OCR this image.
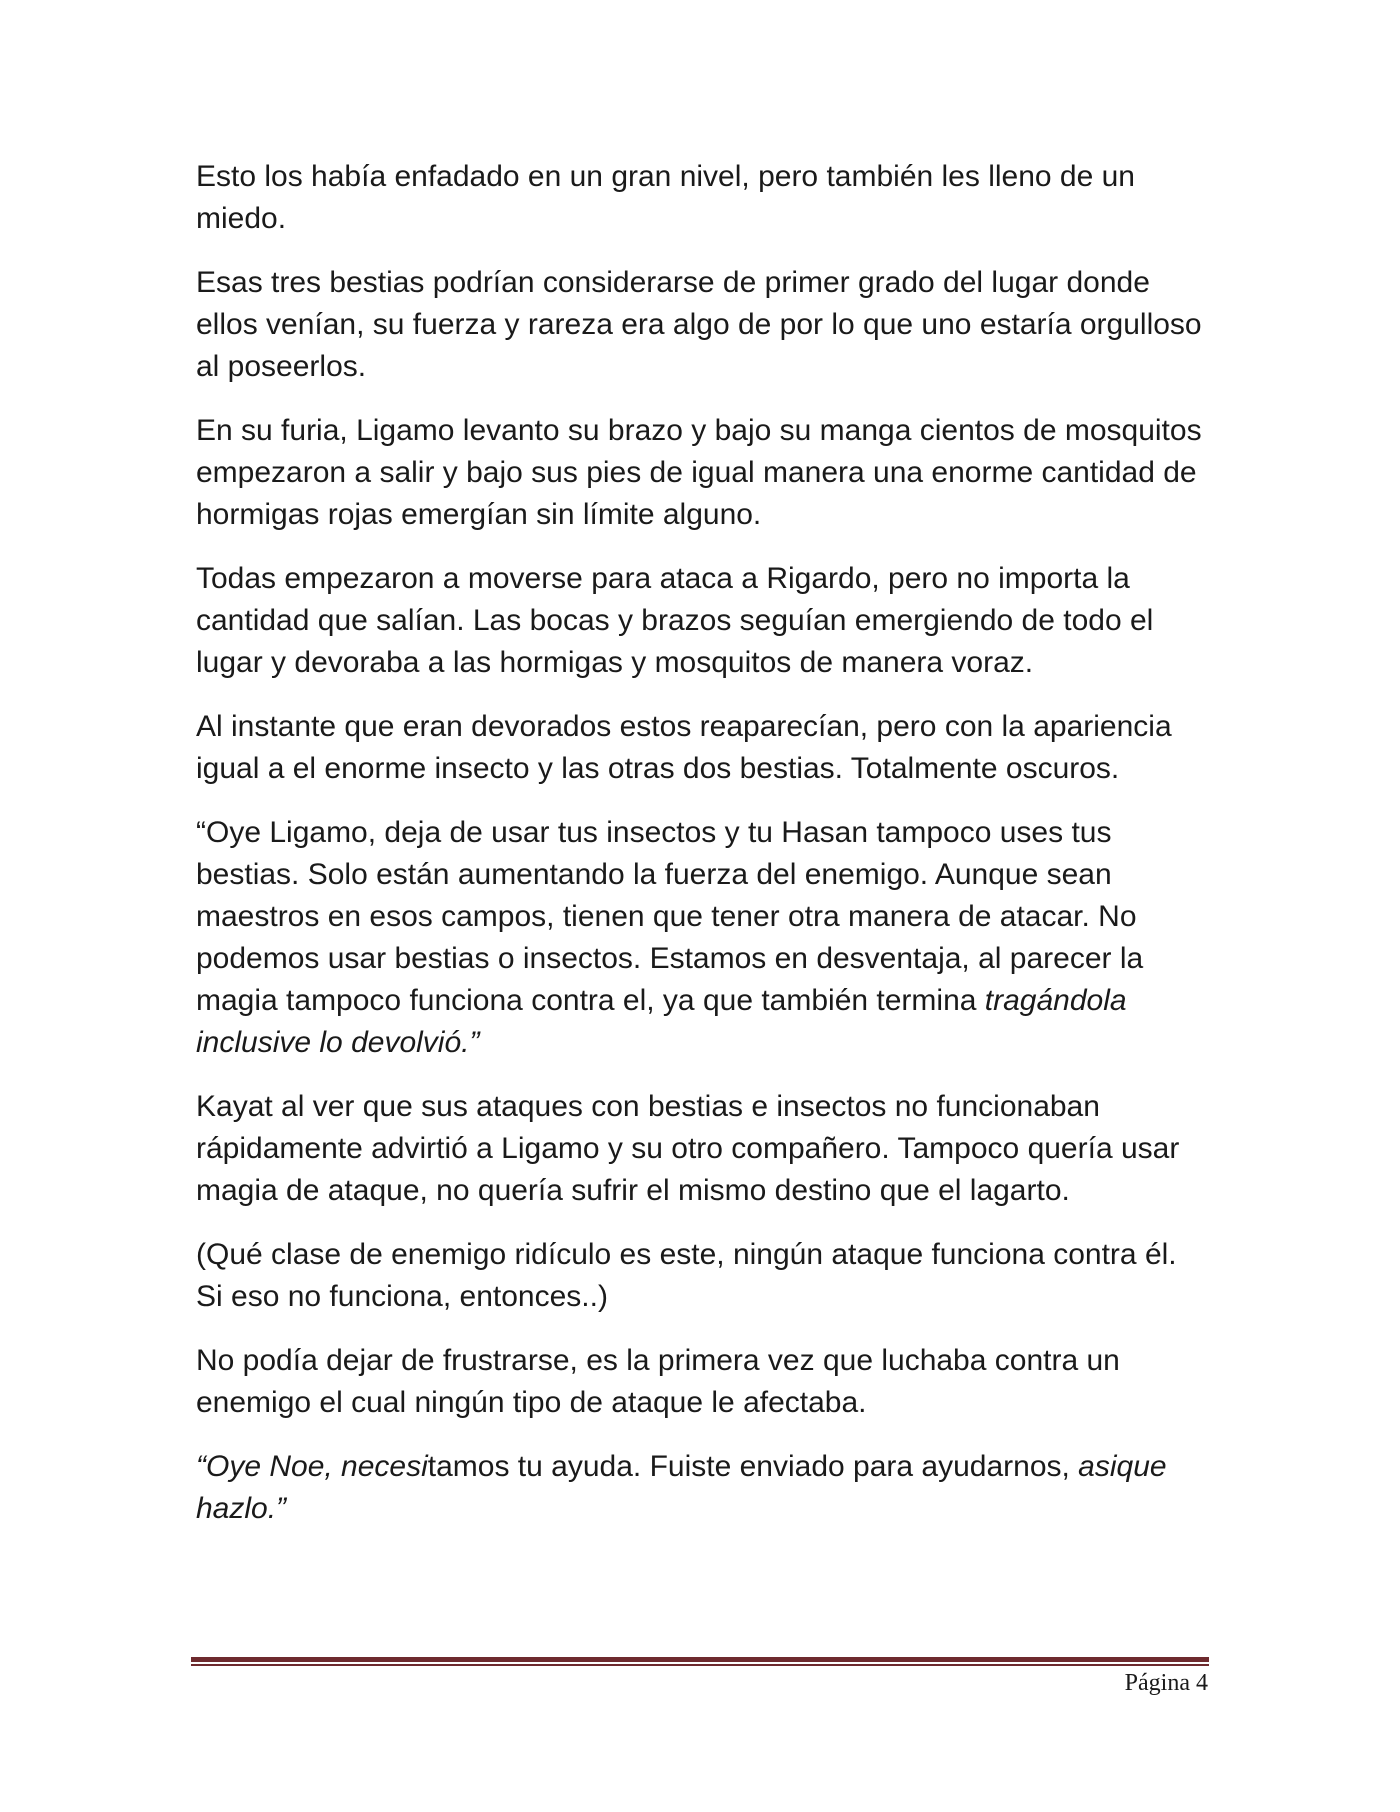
Esto los había enfadado en un gran nivel, pero también les lleno de un miedo.

Esas tres bestias podrían considerarse de primer grado del lugar donde ellos venían, su fuerza y rareza era algo de por lo que uno estaría orgulloso al poseerlos.

En su furia, Ligamo levanto su brazo y bajo su manga cientos de mosquitos  empezaron a salir y bajo sus pies de igual manera una enorme cantidad de hormigas rojas emergían sin límite alguno.

Todas empezaron a moverse para ataca a Rigardo, pero no importa la cantidad que salían. Las bocas y brazos seguían emergiendo de todo el lugar y devoraba a las hormigas y mosquitos de manera voraz.

Al instante que eran devorados estos reaparecían, pero con la apariencia igual a el enorme insecto y las otras dos bestias. Totalmente oscuros.

“Oye Ligamo, deja de usar tus insectos y tu Hasan tampoco uses tus bestias. Solo están aumentando la fuerza del enemigo. Aunque sean maestros en esos campos, tienen que tener otra manera de atacar. No podemos usar bestias o insectos. Estamos en desventaja, al parecer la magia tampoco funciona contra el, ya que también termina tragándola inclusive lo devolvió.”

Kayat al ver que sus ataques con bestias e insectos no funcionaban rápidamente advirtió a Ligamo y su otro compañero. Tampoco quería usar magia de ataque, no quería sufrir el mismo destino que el lagarto.

(Qué clase de enemigo ridículo es este, ningún ataque funciona contra él. Si eso no funciona, entonces..)

No podía dejar de frustrarse, es la primera vez que luchaba contra un enemigo el cual ningún tipo de ataque le afectaba.

“Oye Noe, necesitamos tu ayuda. Fuiste enviado para ayudarnos, asique hazlo.”

Página 4
